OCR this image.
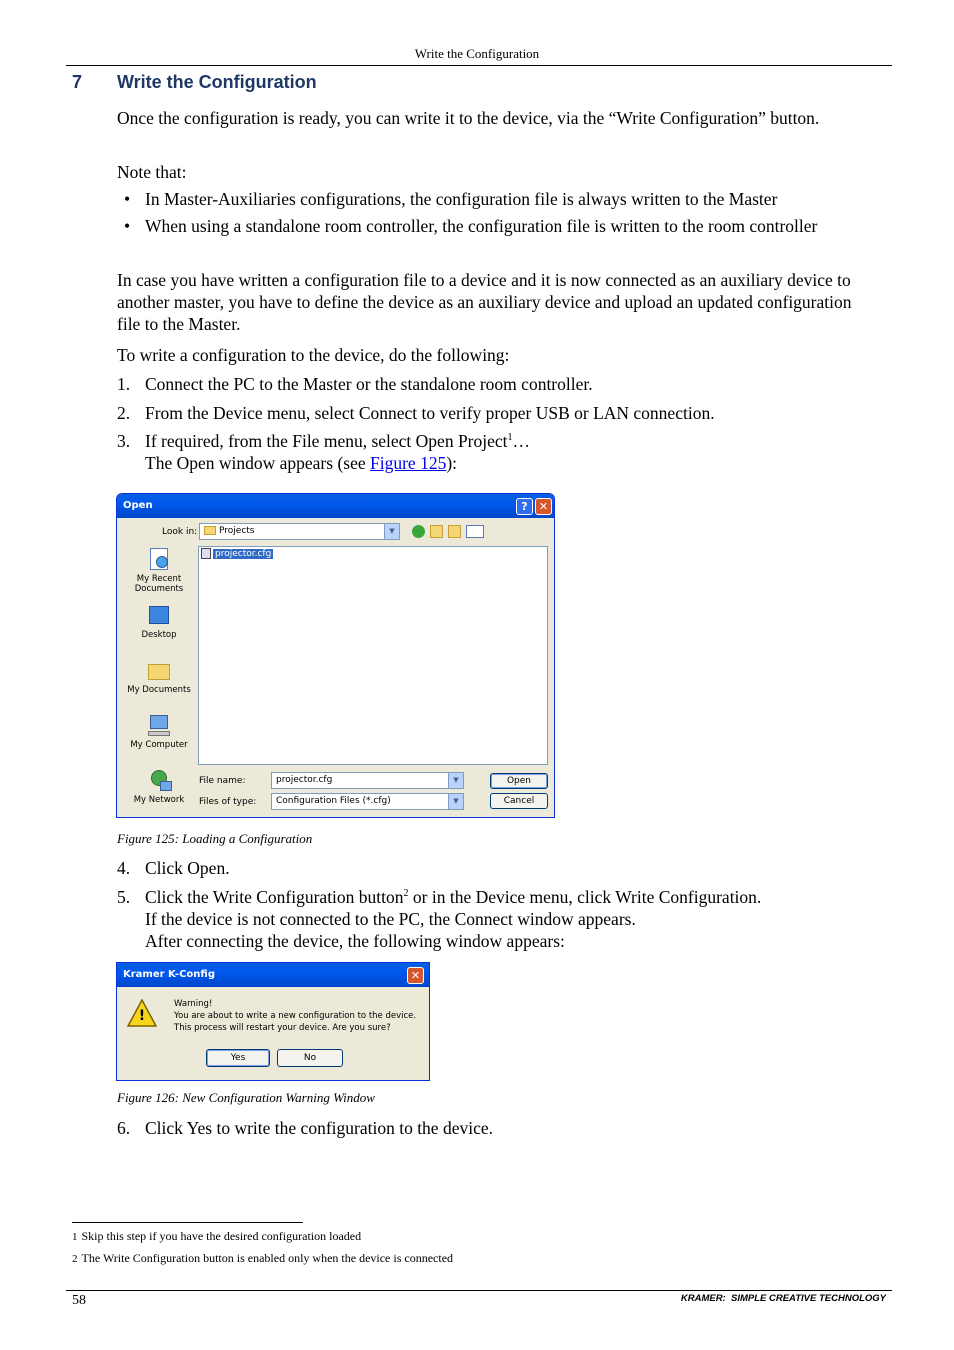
Write the Configuration
7 Write the Configuration
Once the configuration is ready, you can write it to the device, via the “Write Configuration” button.
Note that:
• In Master-Auxiliaries configurations, the configuration file is always written to the Master
• When using a standalone room controller, the configuration file is written to the room controller
In case you have written a configuration file to a device and it is now connected as an auxiliary device to another master, you have to define the device as an auxiliary device and upload an updated configuration file to the Master.
To write a configuration to the device, do the following:
1. Connect the PC to the Master or the standalone room controller.
2. From the Device menu, select Connect to verify proper USB or LAN connection.
3. If required, from the File menu, select Open Project$^1$…
The Open window appears (see Figure 125):
Open	?	✕
Look in:	Projects	▼
My Recent Documents
Desktop
My Documents
My Computer
My Network
projector.cfg
File name:	projector.cfg	▼
Files of type:	Configuration Files (*.cfg)	▼
Open
Cancel
Figure 125: Loading a Configuration
4. Click Open.
5. Click the Write Configuration button$^2$ or in the Device menu, click Write Configuration.
If the device is not connected to the PC, the Connect window appears.
After connecting the device, the following window appears:
Kramer K-Config	✕
!
Warning!
You are about to write a new configuration to the device.
This process will restart your device. Are you sure?
Yes	No
Figure 126: New Configuration Warning Window
6. Click Yes to write the configuration to the device.
1 Skip this step if you have the desired configuration loaded
2 The Write Configuration button is enabled only when the device is connected
58	KRAMER:  SIMPLE CREATIVE TECHNOLOGY
